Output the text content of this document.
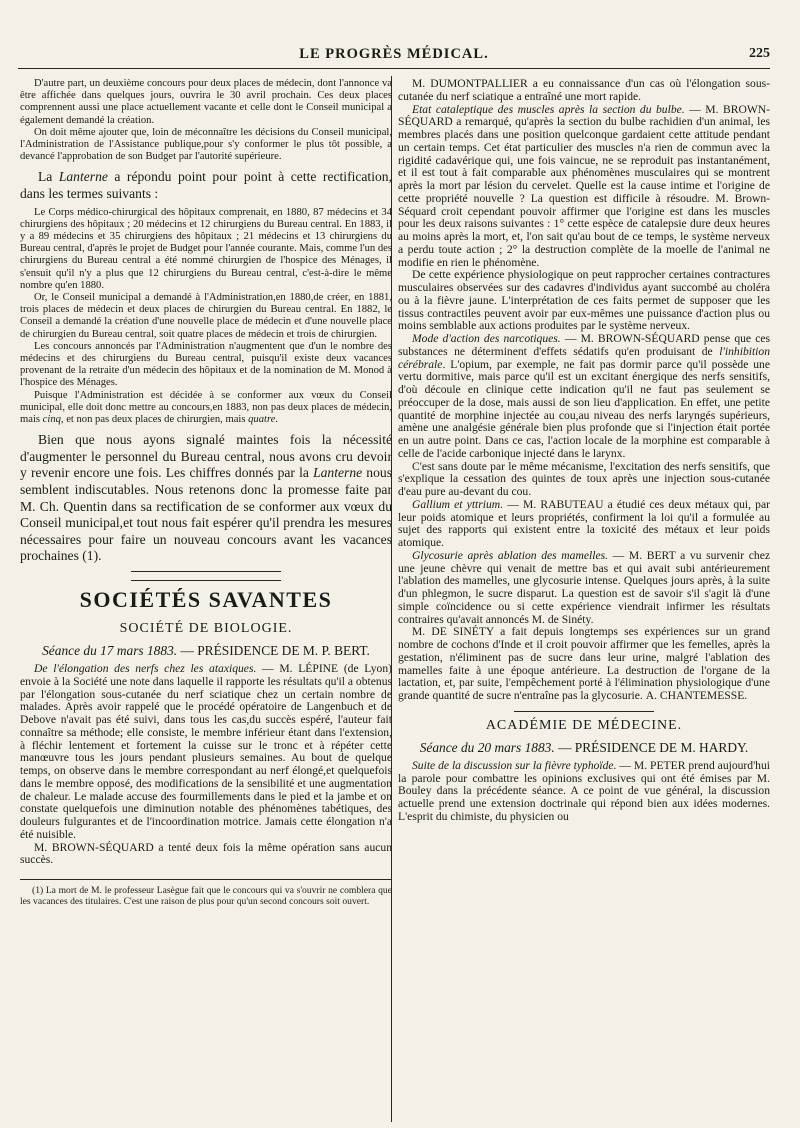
LE PROGRÈS MÉDICAL.	225

D'autre part, un deuxième concours pour deux places de médecin, dont l'annonce va être affichée dans quelques jours, ouvrira le 30 avril prochain. Ces deux places comprennent aussi une place actuellement vacante et celle dont le Conseil municipal a également demandé la création.

On doit même ajouter que, loin de méconnaître les décisions du Conseil municipal, l'Administration de l'Assistance publique,pour s'y conformer le plus tôt possible, a devancé l'approbation de son Budget par l'autorité supérieure.

La Lanterne a répondu point pour point à cette rectification, dans les termes suivants :

Le Corps médico-chirurgical des hôpitaux comprenait, en 1880, 87 médecins et 34 chirurgiens des hôpitaux ; 20 médecins et 12 chirurgiens du Bureau central. En 1883, il y a 89 médecins et 35 chirurgiens des hôpitaux ; 21 médecins et 13 chirurgiens du Bureau central, d'après le projet de Budget pour l'année courante. Mais, comme l'un des chirurgiens du Bureau central a été nommé chirurgien de l'hospice des Ménages, il s'ensuit qu'il n'y a plus que 12 chirurgiens du Bureau central, c'est-à-dire le même nombre qu'en 1880.

Or, le Conseil municipal a demandé à l'Administration,en 1880,de créer, en 1881, trois places de médecin et deux places de chirurgien du Bureau central. En 1882, le Conseil a demandé la création d'une nouvelle place de médecin et d'une nouvelle place de chirurgien du Bureau central, soit quatre places de médecin et trois de chirurgien.

Les concours annoncés par l'Administration n'augmentent que d'un le nombre des médecins et des chirurgiens du Bureau central, puisqu'il existe deux vacances provenant de la retraite d'un médecin des hôpitaux et de la nomination de M. Monod à l'hospice des Ménages.

Puisque l'Administration est décidée à se conformer aux vœux du Conseil municipal, elle doit donc mettre au concours,en 1883, non pas deux places de médecin, mais cinq, et non pas deux places de chirurgien, mais quatre.

Bien que nous ayons signalé maintes fois la nécessité d'augmenter le personnel du Bureau central, nous avons cru devoir y revenir encore une fois. Les chiffres donnés par la Lanterne nous semblent indiscutables. Nous retenons donc la promesse faite par M. Ch. Quentin dans sa rectification de se conformer aux vœux du Conseil municipal,et tout nous fait espérer qu'il prendra les mesures nécessaires pour faire un nouveau concours avant les vacances prochaines (1).

SOCIÉTÉS SAVANTES
SOCIÉTÉ DE BIOLOGIE.
Séance du 17 mars 1883. — PRÉSIDENCE DE M. P. BERT.

De l'élongation des nerfs chez les ataxiques. — M. LÉPINE (de Lyon) envoie à la Société une note dans laquelle il rapporte les résultats qu'il a obtenus par l'élongation sous-cutanée du nerf sciatique chez un certain nombre de malades. Après avoir rappelé que le procédé opératoire de Langenbuch et de Debove n'avait pas été suivi, dans tous les cas,du succès espéré, l'auteur fait connaître sa méthode; elle consiste, le membre inférieur étant dans l'extension, à fléchir lentement et fortement la cuisse sur le tronc et à répéter cette manœuvre tous les jours pendant plusieurs semaines. Au bout de quelque temps, on observe dans le membre correspondant au nerf élongé,et quelquefois dans le membre opposé, des modifications de la sensibilité et une augmentation de chaleur. Le malade accuse des fourmillements dans le pied et la jambe et on constate quelquefois une diminution notable des phénomènes tabétiques, des douleurs fulgurantes et de l'incoordination motrice. Jamais cette élongation n'a été nuisible.

M. BROWN-SÉQUARD a tenté deux fois la même opération sans aucun succès.

(1) La mort de M. le professeur Lasègue fait que le concours qui va s'ouvrir ne comblera que les vacances des titulaires. C'est une raison de plus pour qu'un second concours soit ouvert.

M. DUMONTPALLIER a eu connaissance d'un cas où l'élongation sous-cutanée du nerf sciatique a entraîné une mort rapide.

Etat cataleptique des muscles après la section du bulbe. — M. BROWN-SÉQUARD a remarqué, qu'après la section du bulbe rachidien d'un animal, les membres placés dans une position quelconque gardaient cette attitude pendant un certain temps. Cet état particulier des muscles n'a rien de commun avec la rigidité cadavérique qui, une fois vaincue, ne se reproduit pas instantanément, et il est tout à fait comparable aux phénomènes musculaires qui se montrent après la mort par lésion du cervelet. Quelle est la cause intime et l'origine de cette propriété nouvelle ? La question est difficile à résoudre. M. Brown-Séquard croit cependant pouvoir affirmer que l'origine est dans les muscles pour les deux raisons suivantes : 1° cette espèce de catalepsie dure deux heures au moins après la mort, et, l'on sait qu'au bout de ce temps, le système nerveux a perdu toute action ; 2° la destruction complète de la moelle de l'animal ne modifie en rien le phénomène.

De cette expérience physiologique on peut rapprocher certaines contractures musculaires observées sur des cadavres d'individus ayant succombé au choléra ou à la fièvre jaune. L'interprétation de ces faits permet de supposer que les tissus contractiles peuvent avoir par eux-mêmes une puissance d'action plus ou moins semblable aux actions produites par le système nerveux.

Mode d'action des narcotiques. — M. BROWN-SÉQUARD pense que ces substances ne déterminent d'effets sédatifs qu'en produisant de l'inhibition cérébrale. L'opium, par exemple, ne fait pas dormir parce qu'il possède une vertu dormitive, mais parce qu'il est un excitant énergique des nerfs sensitifs, d'où découle en clinique cette indication qu'il ne faut pas seulement se préoccuper de la dose, mais aussi de son lieu d'application. En effet, une petite quantité de morphine injectée au cou,au niveau des nerfs laryngés supérieurs, amène une analgésie générale bien plus profonde que si l'injection était portée en un autre point. Dans ce cas, l'action locale de la morphine est comparable à celle de l'acide carbonique injecté dans le larynx.

C'est sans doute par le même mécanisme, l'excitation des nerfs sensitifs, que s'explique la cessation des quintes de toux après une injection sous-cutanée d'eau pure au-devant du cou.

Gallium et yttrium. — M. RABUTEAU a étudié ces deux métaux qui, par leur poids atomique et leurs propriétés, confirment la loi qu'il a formulée au sujet des rapports qui existent entre la toxicité des métaux et leur poids atomique.

Glycosurie après ablation des mamelles. — M. BERT a vu survenir chez une jeune chèvre qui venait de mettre bas et qui avait subi antérieurement l'ablation des mamelles, une glycosurie intense. Quelques jours après, à la suite d'un phlegmon, le sucre disparut. La question est de savoir s'il s'agit là d'une simple coïncidence ou si cette expérience viendrait infirmer les résultats contraires qu'avait annoncés M. de Sinéty.

M. DE SINÉTY a fait depuis longtemps ses expériences sur un grand nombre de cochons d'Inde et il croit pouvoir affirmer que les femelles, après la gestation, n'éliminent pas de sucre dans leur urine, malgré l'ablation des mamelles faite à une époque antérieure. La destruction de l'organe de la lactation, et, par suite, l'empêchement porté à l'élimination physiologique d'une grande quantité de sucre n'entraîne pas la glycosurie. A. CHANTEMESSE.

ACADÉMIE DE MÉDECINE.
Séance du 20 mars 1883. — PRÉSIDENCE DE M. HARDY.

Suite de la discussion sur la fièvre typhoïde. — M. PETER prend aujourd'hui la parole pour combattre les opinions exclusives qui ont été émises par M. Bouley dans la précédente séance. A ce point de vue général, la discussion actuelle prend une extension doctrinale qui répond bien aux idées modernes. L'esprit du chimiste, du physicien ou
